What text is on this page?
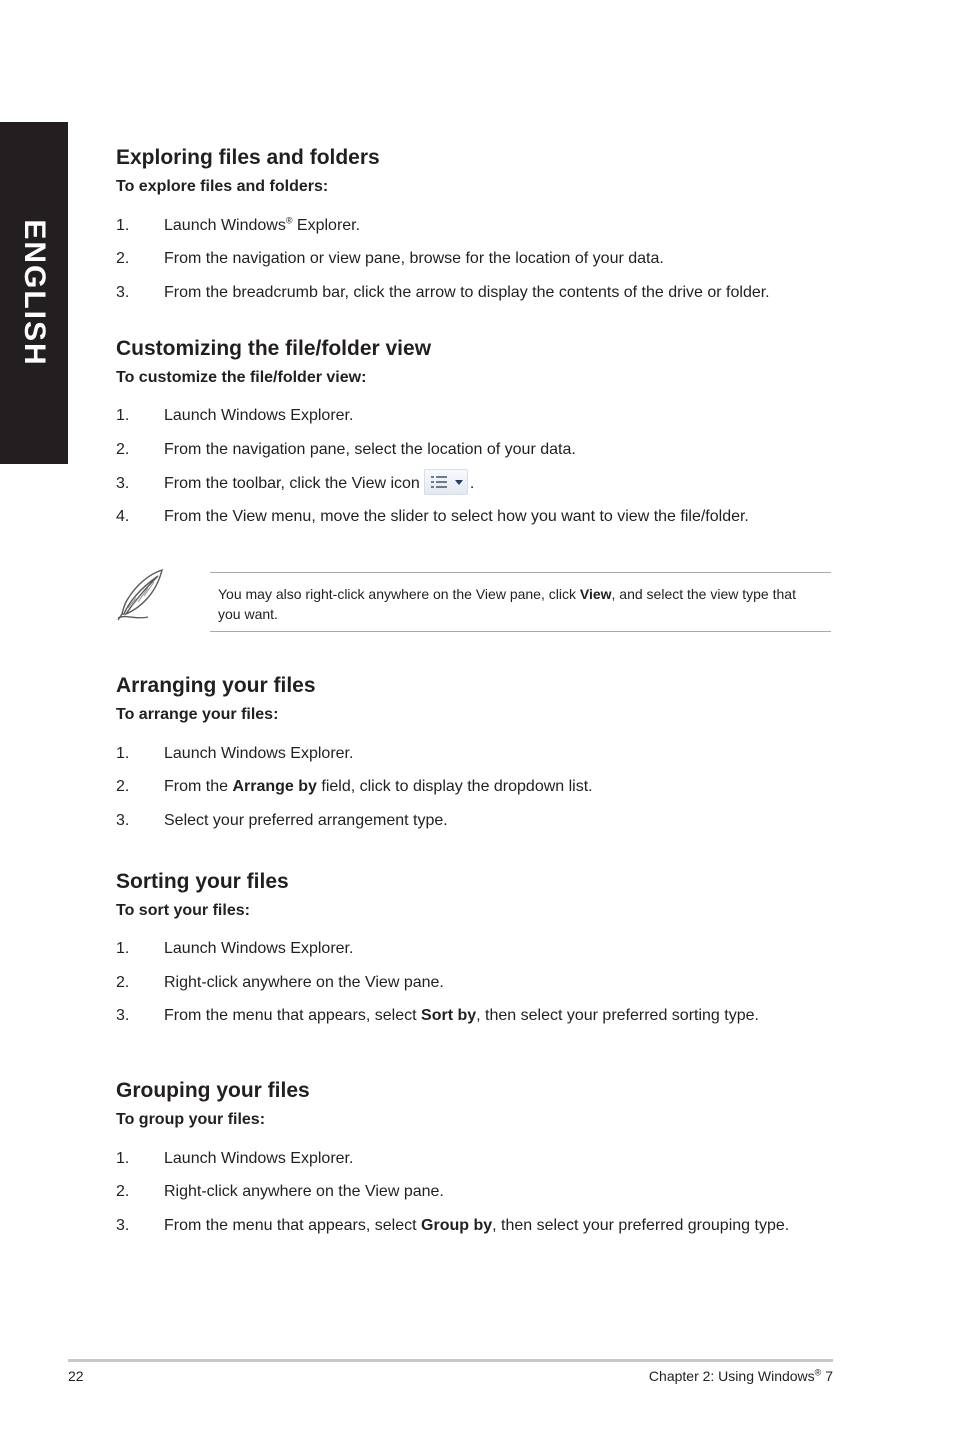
ENGLISH
Exploring files and folders

To explore files and folders:

1. Launch Windows® Explorer.
2. From the navigation or view pane, browse for the location of your data.
3. From the breadcrumb bar, click the arrow to display the contents of the drive or folder.
Customizing the file/folder view

To customize the file/folder view:

1. Launch Windows Explorer.
2. From the navigation pane, select the location of your data.
3. From the toolbar, click the View icon	.
4. From the View menu, move the slider to select how you want to view the file/folder.
Arranging your files

To arrange your files:

1. Launch Windows Explorer.
2. From the Arrange by field, click to display the dropdown list.
3. Select your preferred arrangement type.
Sorting your files

To sort your files:

1. Launch Windows Explorer.
2. Right-click anywhere on the View pane.
3. From the menu that appears, select Sort by, then select your preferred sorting type.
Grouping your files

To group your files:

1. Launch Windows Explorer.
2. Right-click anywhere on the View pane.
3. From the menu that appears, select Group by, then select your preferred grouping type.

You may also right-click anywhere on the View pane, click View, and select the view type that you want.

22	Chapter 2: Using Windows® 7
